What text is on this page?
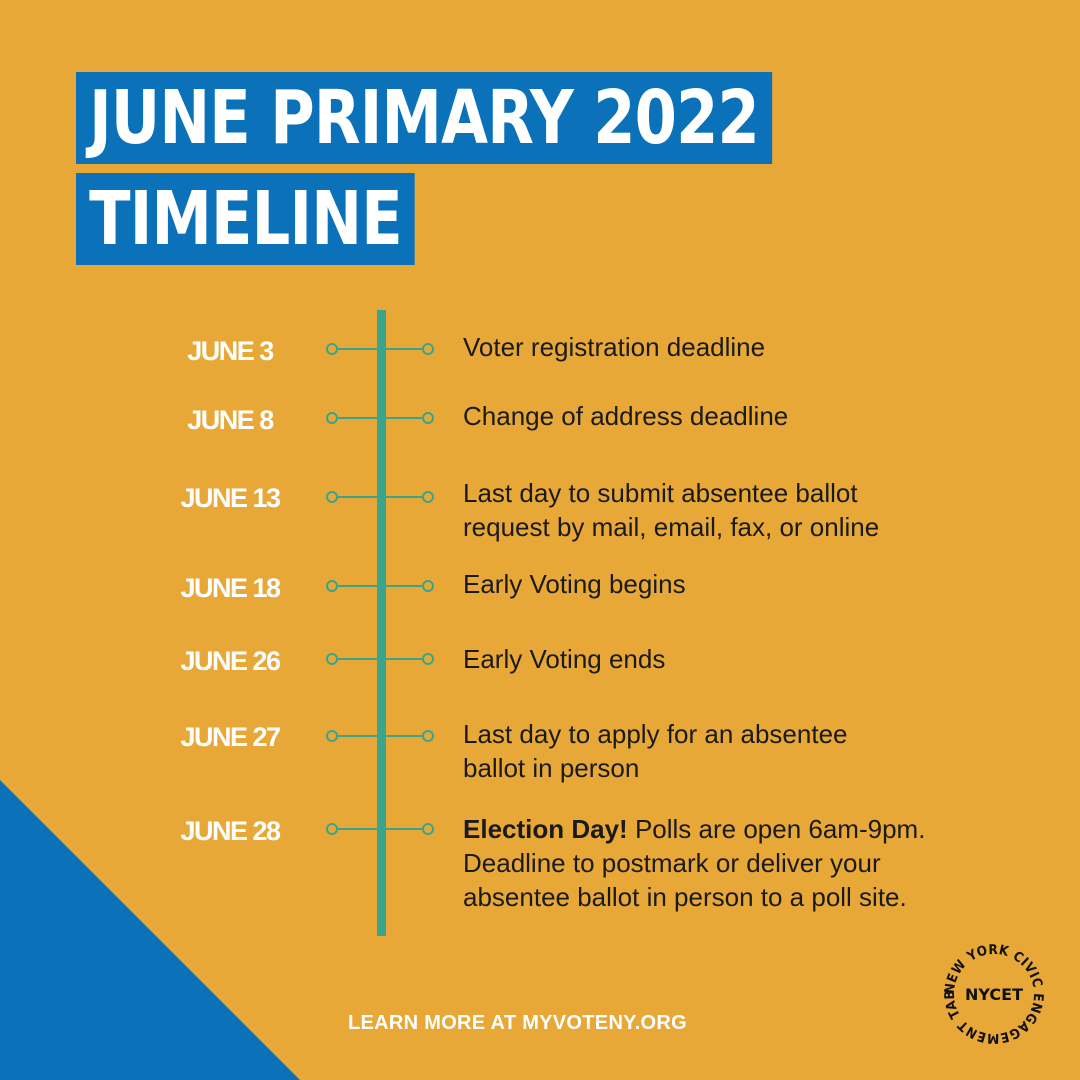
JUNE PRIMARY 2022
TIMELINE
JUNE 3	Voter registration deadline
JUNE 8	Change of address deadline
JUNE 13	Last day to submit absentee ballot
request by mail, email, fax, or online
JUNE 18	Early Voting begins
JUNE 26	Early Voting ends
JUNE 27	Last day to apply for an absentee
ballot in person
JUNE 28	Election Day! Polls are open 6am-9pm.
Deadline to postmark or deliver your
absentee ballot in person to a poll site.
LEARN MORE AT MYVOTENY.ORG
NEW YORK CIVIC ENGAGEMENT TAB NYCET
